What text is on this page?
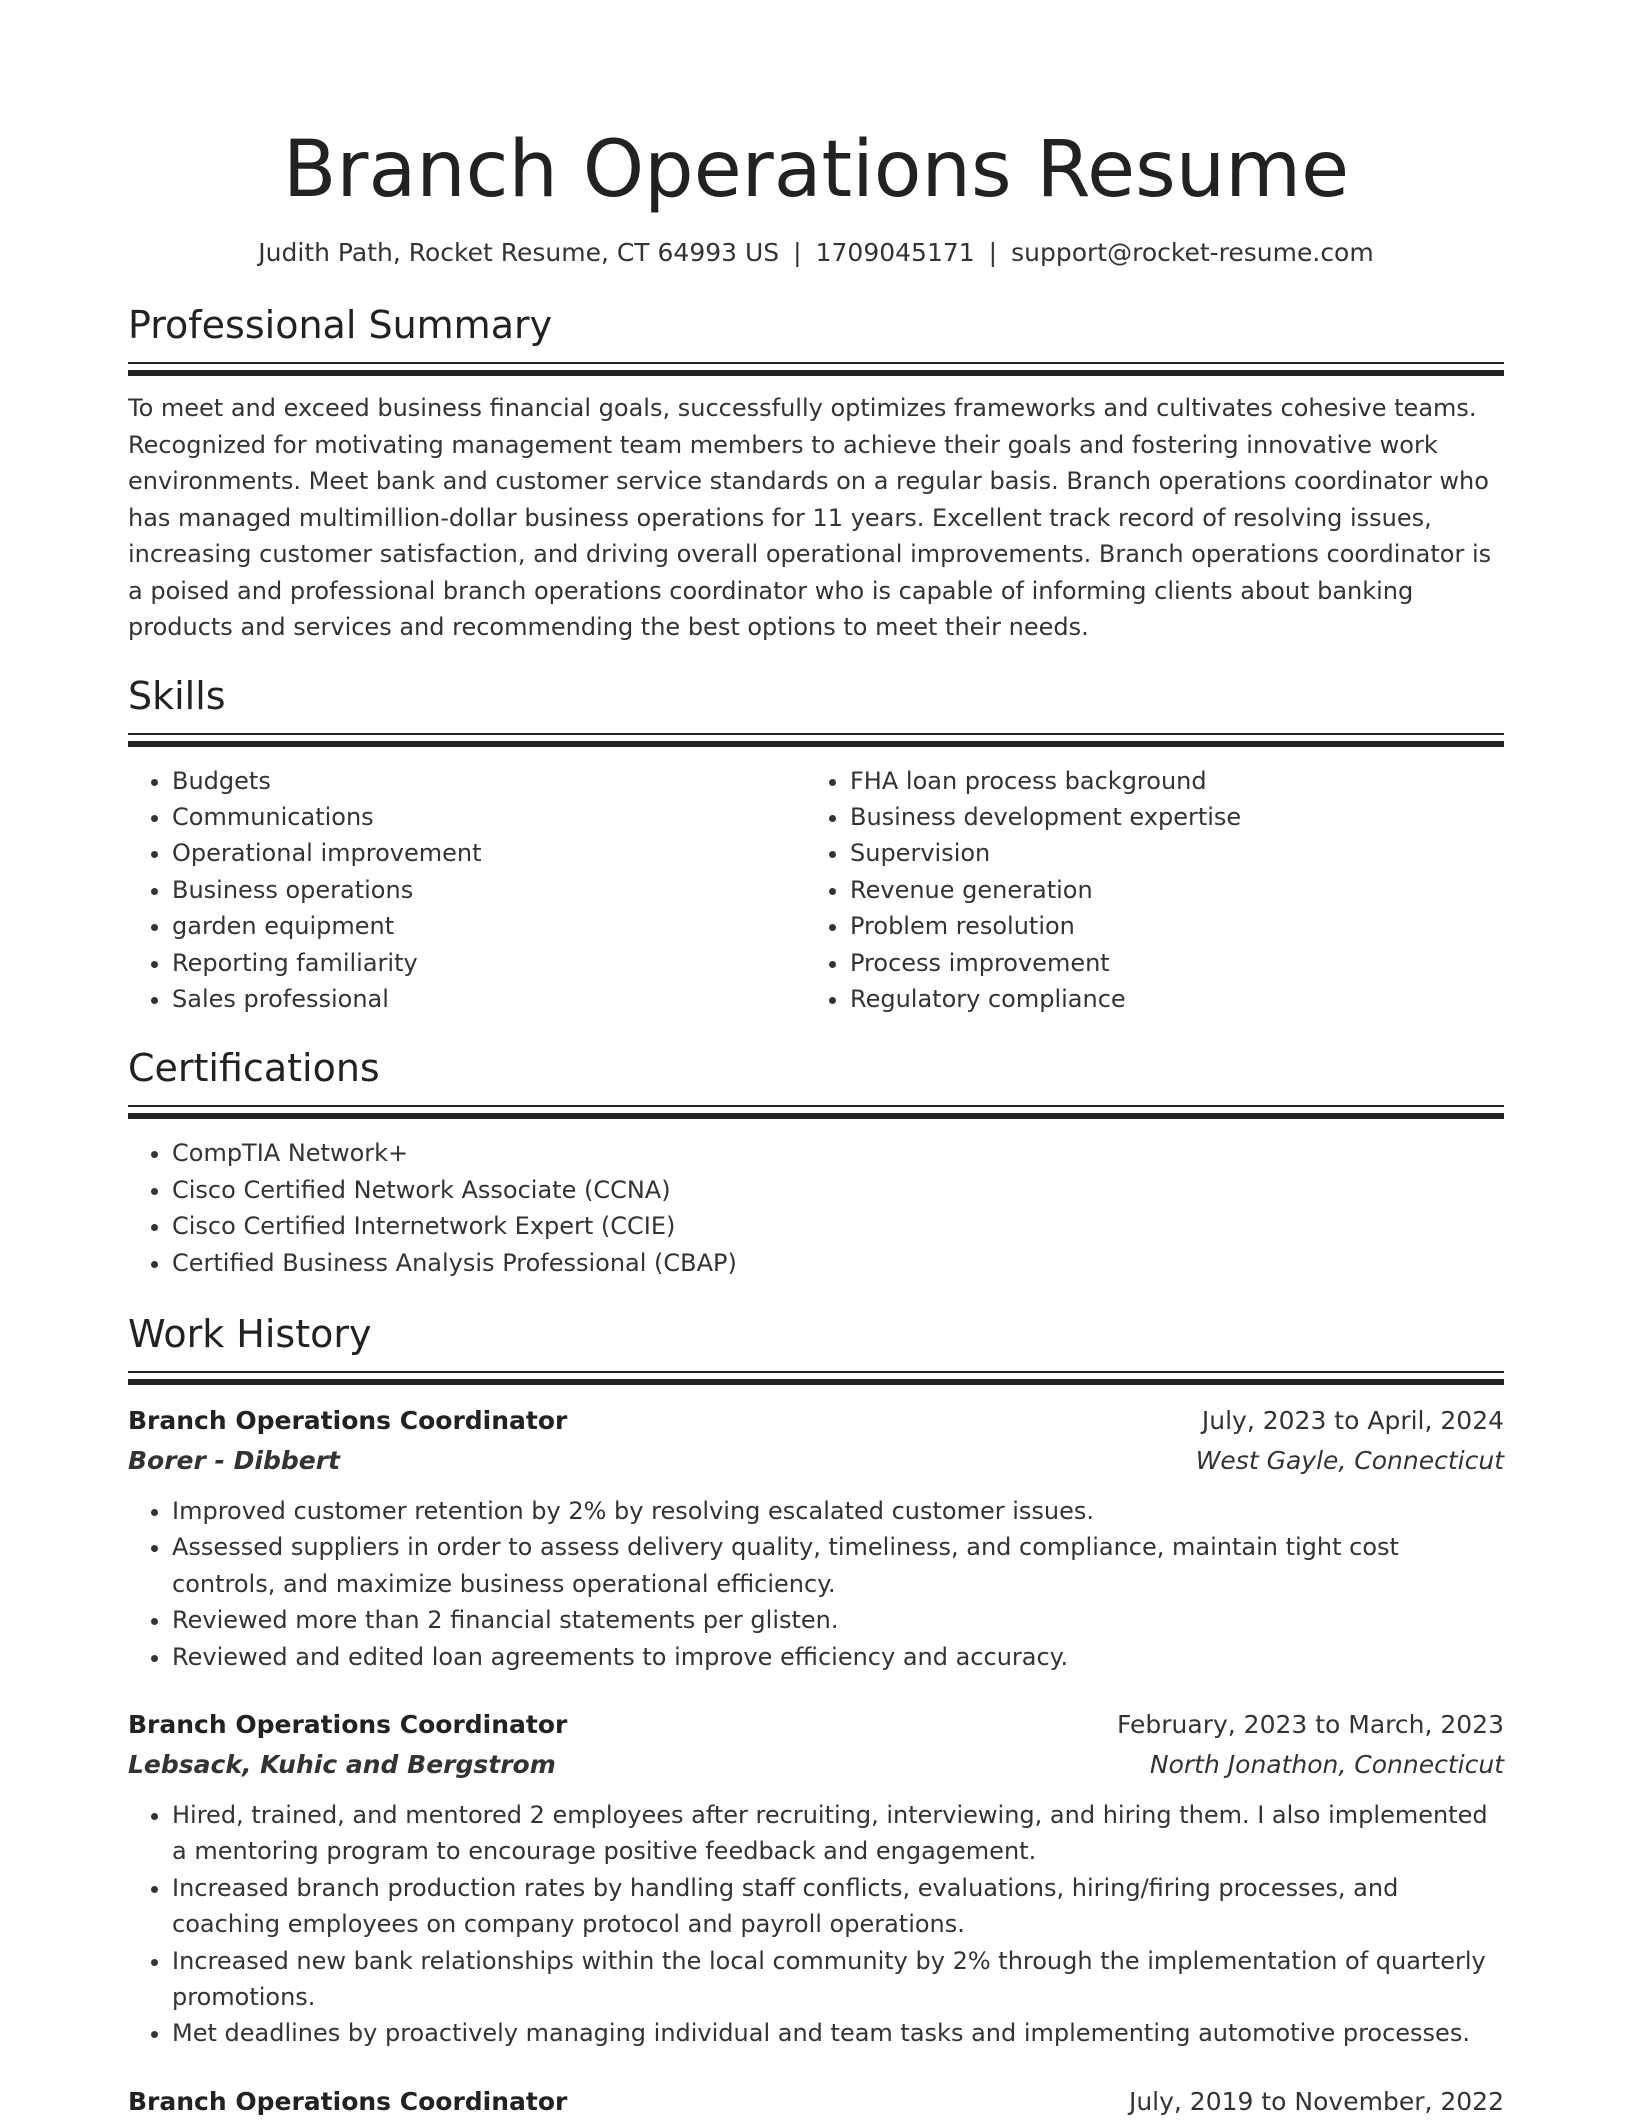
Branch Operations Resume
Judith Path, Rocket Resume, CT 64993 US | 1709045171 | support@rocket-resume.com
Professional Summary

To meet and exceed business financial goals, successfully optimizes frameworks and cultivates cohesive teams. Recognized for motivating management team members to achieve their goals and fostering innovative work environments. Meet bank and customer service standards on a regular basis. Branch operations coordinator who has managed multimillion-dollar business operations for 11 years. Excellent track record of resolving issues, increasing customer satisfaction, and driving overall operational improvements. Branch operations coordinator is a poised and professional branch operations coordinator who is capable of informing clients about banking products and services and recommending the best options to meet their needs.

Skills
• Budgets
• Communications
• Operational improvement
• Business operations
• garden equipment
• Reporting familiarity
• Sales professional
• FHA loan process background
• Business development expertise
• Supervision
• Revenue generation
• Problem resolution
• Process improvement
• Regulatory compliance
Certifications
• CompTIA Network+
• Cisco Certified Network Associate (CCNA)
• Cisco Certified Internetwork Expert (CCIE)
• Certified Business Analysis Professional (CBAP)
Work History
Branch Operations Coordinator	July, 2023 to April, 2024
Borer - Dibbert	West Gayle, Connecticut
• Improved customer retention by 2% by resolving escalated customer issues.
• Assessed suppliers in order to assess delivery quality, timeliness, and compliance, maintain tight cost controls, and maximize business operational efficiency.
• Reviewed more than 2 financial statements per glisten.
• Reviewed and edited loan agreements to improve efficiency and accuracy.
Branch Operations Coordinator	February, 2023 to March, 2023
Lebsack, Kuhic and Bergstrom	North Jonathon, Connecticut
• Hired, trained, and mentored 2 employees after recruiting, interviewing, and hiring them. I also implemented a mentoring program to encourage positive feedback and engagement.
• Increased branch production rates by handling staff conflicts, evaluations, hiring/firing processes, and coaching employees on company protocol and payroll operations.
• Increased new bank relationships within the local community by 2% through the implementation of quarterly promotions.
• Met deadlines by proactively managing individual and team tasks and implementing automotive processes.
Branch Operations Coordinator	July, 2019 to November, 2022
